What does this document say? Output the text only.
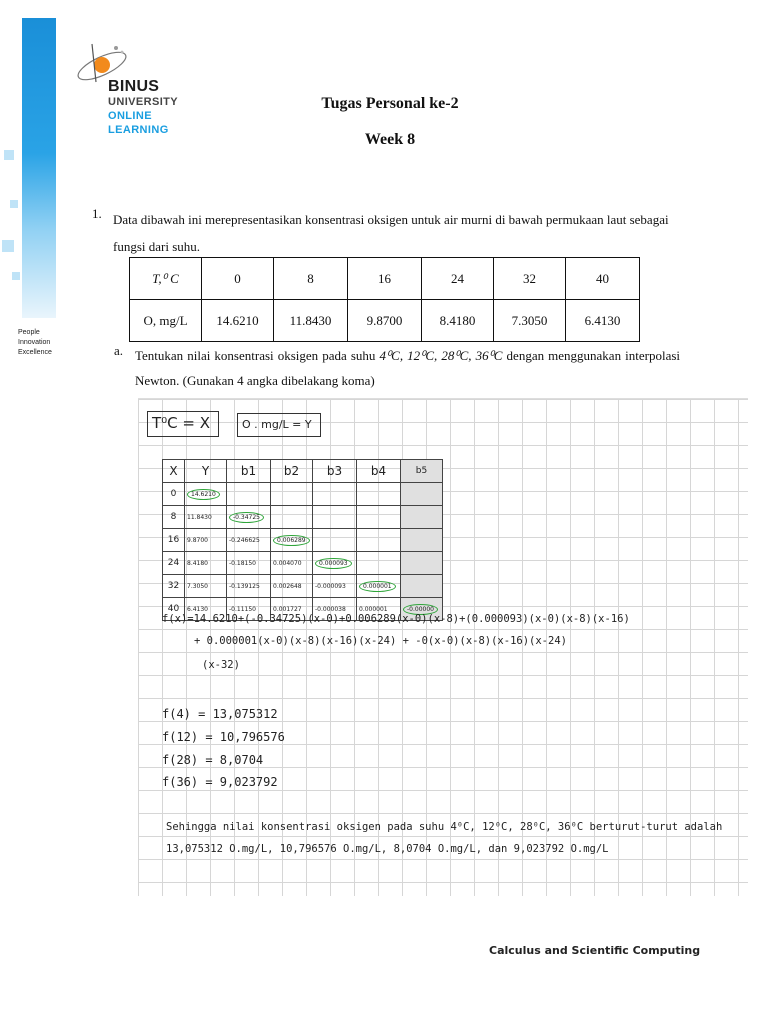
People
Innovation
Excellence
BINUS
UNIVERSITY
ONLINE
LEARNING
Tugas Personal ke-2
Week 8
1. Data dibawah ini merepresentasikan konsentrasi oksigen untuk air murni di bawah permukaan laut sebagai fungsi dari suhu.
T,⁰ C	0	8	16	24	32	40
O, mg/L	14.6210	11.8430	9.8700	8.4180	7.3050	6.4130
a. Tentukan nilai konsentrasi oksigen pada suhu 4⁰C, 12⁰C, 28⁰C, 36⁰C dengan menggunakan interpolasi Newton. (Gunakan 4 angka dibelakang koma)
T⁰C = X	O . mg/L = Y
X	Y	b1	b2	b3	b4	b5
0	14.6210					
8	11.8430	-0.34725				
16	9.8700	-0.246625	0.006289			
24	8.4180	-0.18150	0.004070	0.000093		
32	7.3050	-0.139125	0.002648	-0.000093	0.000001	
40	6.4130	-0.11150	0.001727	-0.000038	0.000001	-0.00000
f(x)=14.6210+(-0.34725)(x-0)+0.006289(x-0)(x-8)+(0.000093)(x-0)(x-8)(x-16)
+ 0.000001(x-0)(x-8)(x-16)(x-24) + -0(x-0)(x-8)(x-16)(x-24)
(x-32)
f(4) = 13,075312
f(12) = 10,796576
f(28) = 8,0704
f(36) = 9,023792
Sehingga nilai konsentrasi oksigen pada suhu 4⁰C, 12⁰C, 28⁰C, 36⁰C berturut-turut adalah
13,075312 O.mg/L, 10,796576 O.mg/L, 8,0704 O.mg/L, dan 9,023792 O.mg/L
Calculus and Scientific Computing
